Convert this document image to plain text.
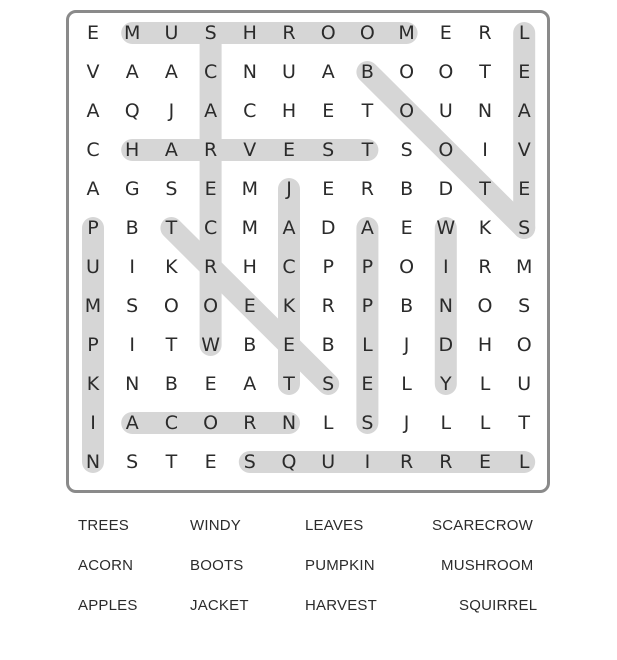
E M U S H R O O M E R L
V A A C N U A B O O T E
A Q J A C H E T O U N A
C H A R V E S T S O I V
A G S E M J E R B D T E
P B T C M A D A E W K S
U I K R H C P P O I R M
M S O O E K R P B N O S
P I T W B E B L J D H O
K N B E A T S E L Y L U
I A C O R N L S J L L T
N S T E S Q U I R R E L
TREES	WINDY	LEAVES	SCARECROW
ACORN	BOOTS	PUMPKIN	MUSHROOM
APPLES	JACKET	HARVEST	SQUIRREL
